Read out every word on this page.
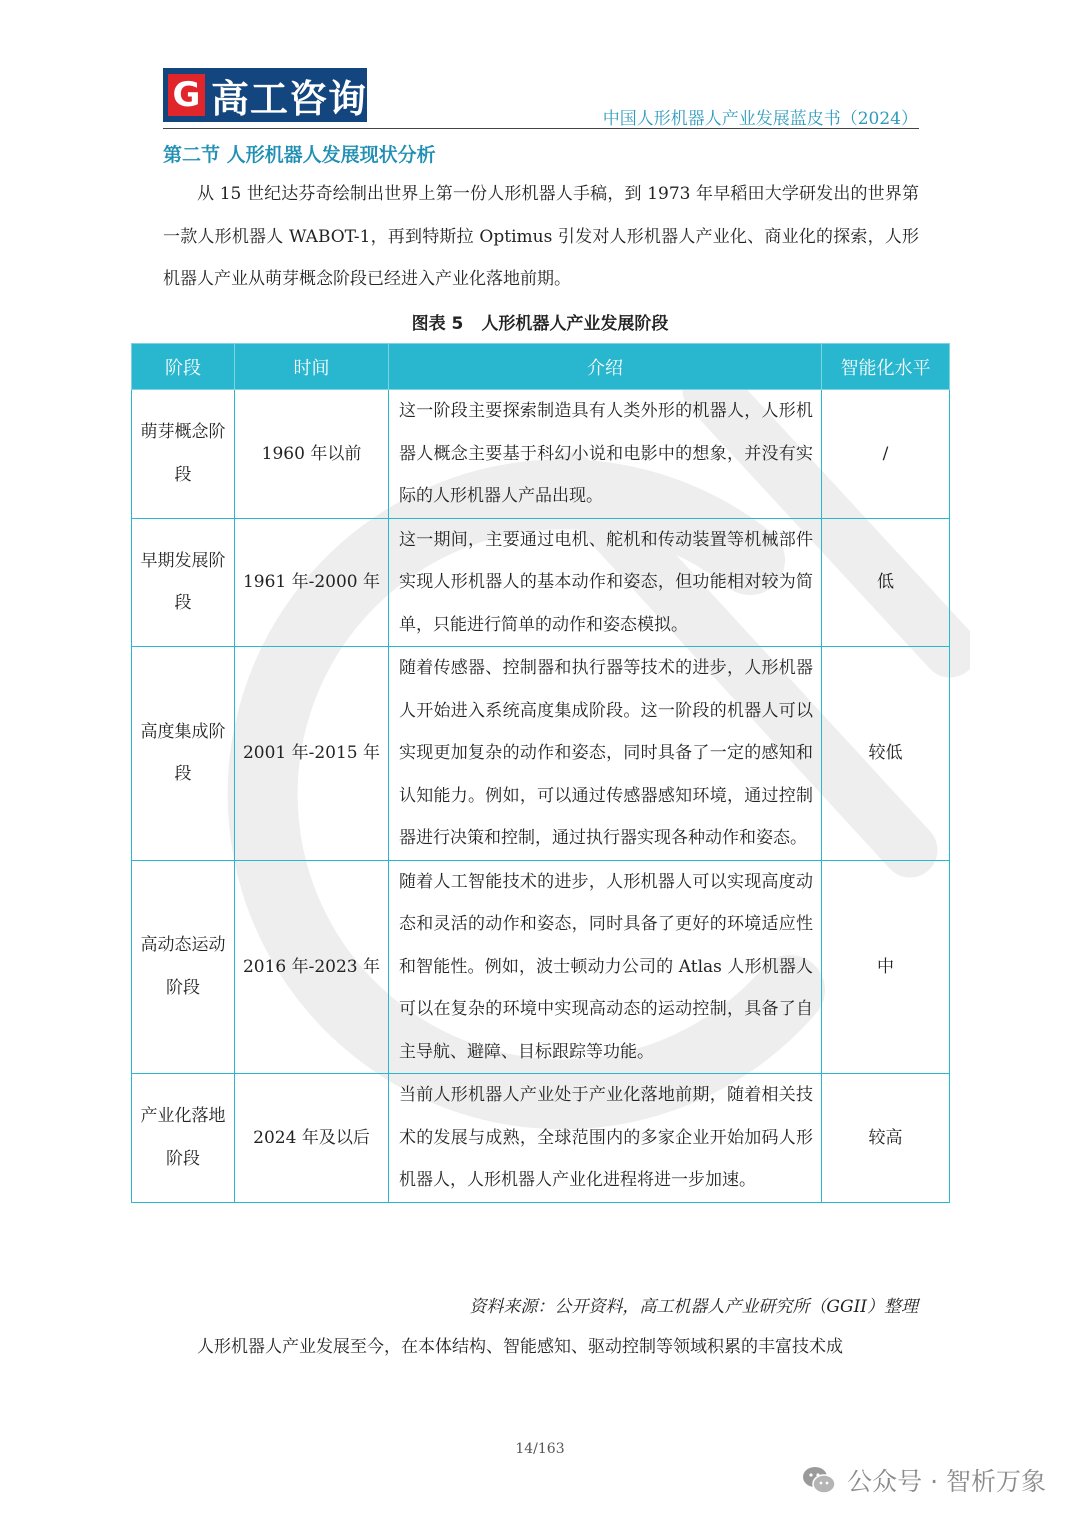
G 高工咨询	中国人形机器人产业发展蓝皮书（2024）
第二节 人形机器人发展现状分析

从 15 世纪达芬奇绘制出世界上第一份人形机器人手稿，到 1973 年早稻田大学研发出的世界第一款人形机器人 WABOT-1，再到特斯拉 Optimus 引发对人形机器人产业化、商业化的探索，人形机器人产业从萌芽概念阶段已经进入产业化落地前期。

图表 5 人形机器人产业发展阶段
阶段	时间	介绍	智能化水平
萌芽概念阶段	1960 年以前	这一阶段主要探索制造具有人类外形的机器人，人形机器人概念主要基于科幻小说和电影中的想象，并没有实际的人形机器人产品出现。	/
早期发展阶段	1961 年-2000 年	这一期间，主要通过电机、舵机和传动装置等机械部件实现人形机器人的基本动作和姿态，但功能相对较为简单，只能进行简单的动作和姿态模拟。	低
高度集成阶段	2001 年-2015 年	随着传感器、控制器和执行器等技术的进步，人形机器人开始进入系统高度集成阶段。这一阶段的机器人可以实现更加复杂的动作和姿态，同时具备了一定的感知和认知能力。例如，可以通过传感器感知环境，通过控制器进行决策和控制，通过执行器实现各种动作和姿态。	较低
高动态运动阶段	2016 年-2023 年	随着人工智能技术的进步，人形机器人可以实现高度动态和灵活的动作和姿态，同时具备了更好的环境适应性和智能性。例如，波士顿动力公司的 Atlas 人形机器人可以在复杂的环境中实现高动态的运动控制，具备了自主导航、避障、目标跟踪等功能。	中
产业化落地阶段	2024 年及以后	当前人形机器人产业处于产业化落地前期，随着相关技术的发展与成熟，全球范围内的多家企业开始加码人形机器人，人形机器人产业化进程将进一步加速。	较高
资料来源：公开资料，高工机器人产业研究所（GGII）整理

人形机器人产业发展至今，在本体结构、智能感知、驱动控制等领域积累的丰富技术成

14/163
公众号 · 智析万象
